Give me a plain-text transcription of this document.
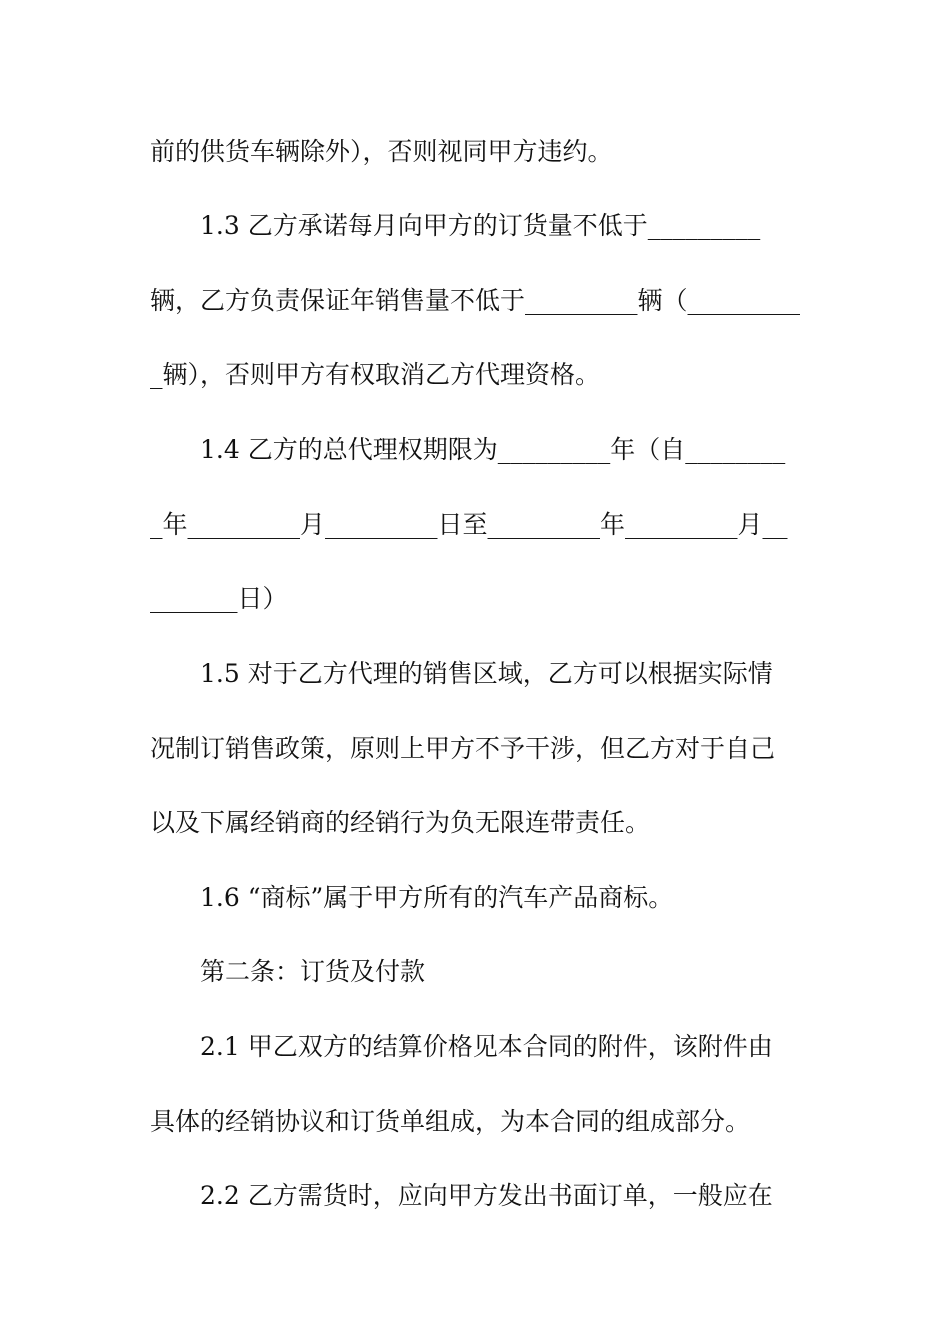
前的供货车辆除外），否则视同甲方违约。
1.3 乙方承诺每月向甲方的订货量不低于_________
辆，乙方负责保证年销售量不低于_________辆（_________
_辆），否则甲方有权取消乙方代理资格。
1.4 乙方的总代理权期限为_________年（自________
_年_________月_________日至_________年_________月__
_______日）
1.5 对于乙方代理的销售区域，乙方可以根据实际情
况制订销售政策，原则上甲方不予干涉，但乙方对于自己
以及下属经销商的经销行为负无限连带责任。
1.6 “商标”属于甲方所有的汽车产品商标。
第二条：订货及付款
2.1 甲乙双方的结算价格见本合同的附件，该附件由
具体的经销协议和订货单组成，为本合同的组成部分。
2.2 乙方需货时，应向甲方发出书面订单，一般应在
